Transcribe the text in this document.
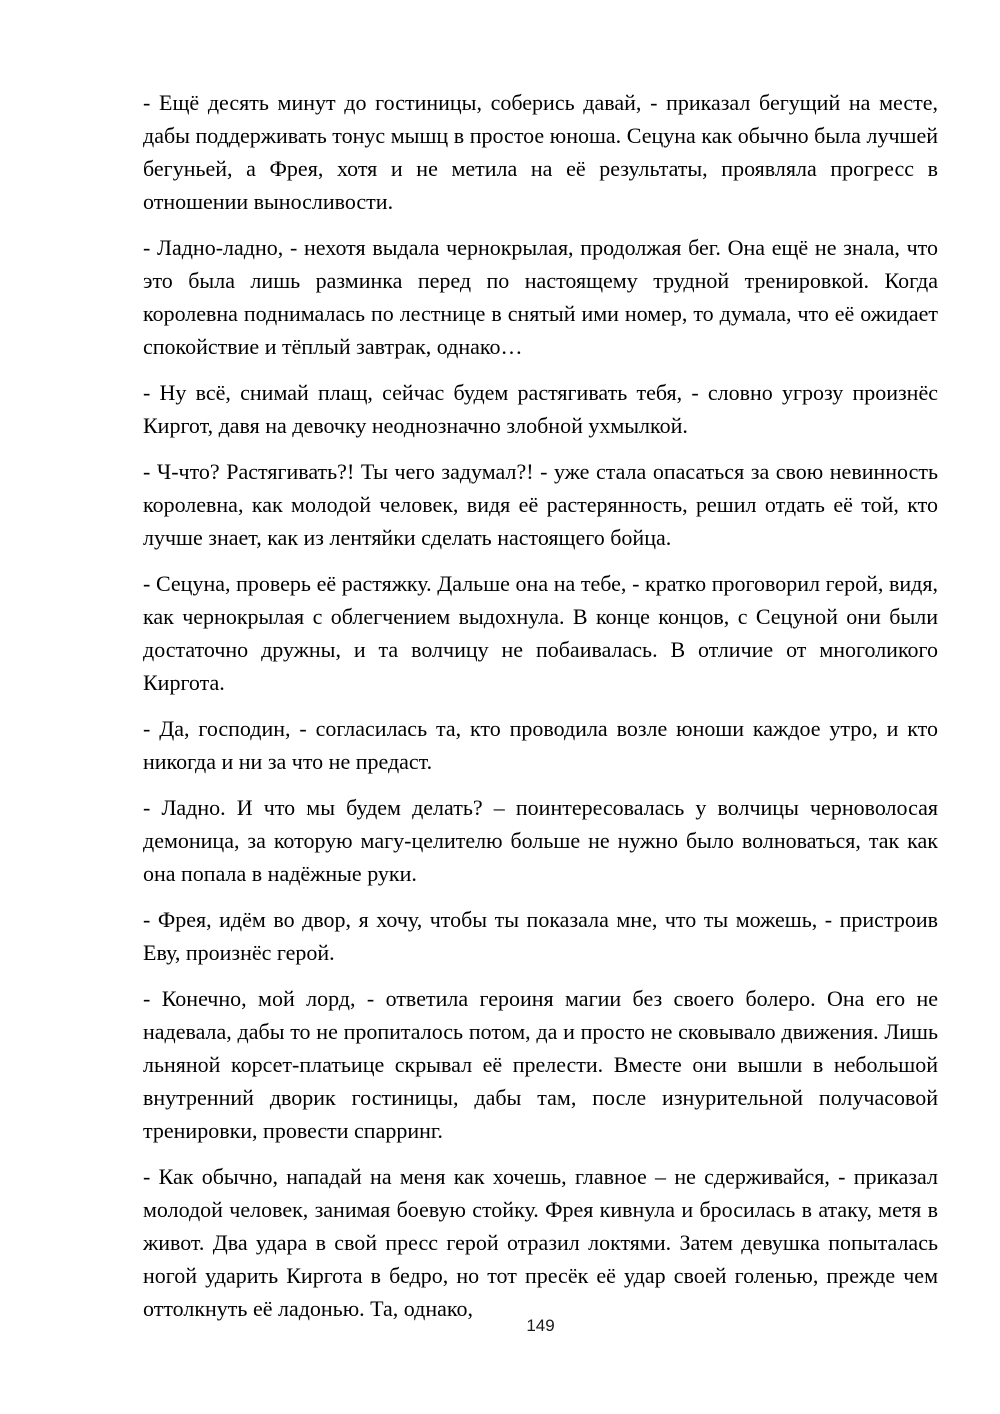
- Ещё десять минут до гостиницы, соберись давай, - приказал бегущий на месте, дабы поддерживать тонус мышц в простое юноша. Сецуна как обычно была лучшей бегуньей, а Фрея, хотя и не метила на её результаты, проявляла прогресс в отношении выносливости.

- Ладно-ладно, - нехотя выдала чернокрылая, продолжая бег. Она ещё не знала, что это была лишь разминка перед по настоящему трудной тренировкой. Когда королевна поднималась по лестнице в снятый ими номер, то думала, что её ожидает спокойствие и тёплый завтрак, однако…

- Ну всё, снимай плащ, сейчас будем растягивать тебя, - словно угрозу произнёс Киргот, давя на девочку неоднозначно злобной ухмылкой.

- Ч-что? Растягивать?! Ты чего задумал?! - уже стала опасаться за свою невинность королевна, как молодой человек, видя её растерянность, решил отдать её той, кто лучше знает, как из лентяйки сделать настоящего бойца.

- Сецуна, проверь её растяжку. Дальше она на тебе, - кратко проговорил герой, видя, как чернокрылая с облегчением выдохнула. В конце концов, с Сецуной они были достаточно дружны, и та волчицу не побаивалась. В отличие от многоликого Киргота.

- Да, господин, - согласилась та, кто проводила возле юноши каждое утро, и кто никогда и ни за что не предаст.

- Ладно. И что мы будем делать? – поинтересовалась у волчицы черноволосая демоница, за которую магу-целителю больше не нужно было волноваться, так как она попала в надёжные руки.

- Фрея, идём во двор, я хочу, чтобы ты показала мне, что ты можешь, - пристроив Еву, произнёс герой.

- Конечно, мой лорд, - ответила героиня магии без своего болеро. Она его не надевала, дабы то не пропиталось потом, да и просто не сковывало движения. Лишь льняной корсет-платьице скрывал её прелести. Вместе они вышли в небольшой внутренний дворик гостиницы, дабы там, после изнурительной получасовой тренировки, провести спарринг.

- Как обычно, нападай на меня как хочешь, главное – не сдерживайся, - приказал молодой человек, занимая боевую стойку. Фрея кивнула и бросилась в атаку, метя в живот. Два удара в свой пресс герой отразил локтями. Затем девушка попыталась ногой ударить Киргота в бедро, но тот пресёк её удар своей голенью, прежде чем оттолкнуть её ладонью. Та, однако,

149
